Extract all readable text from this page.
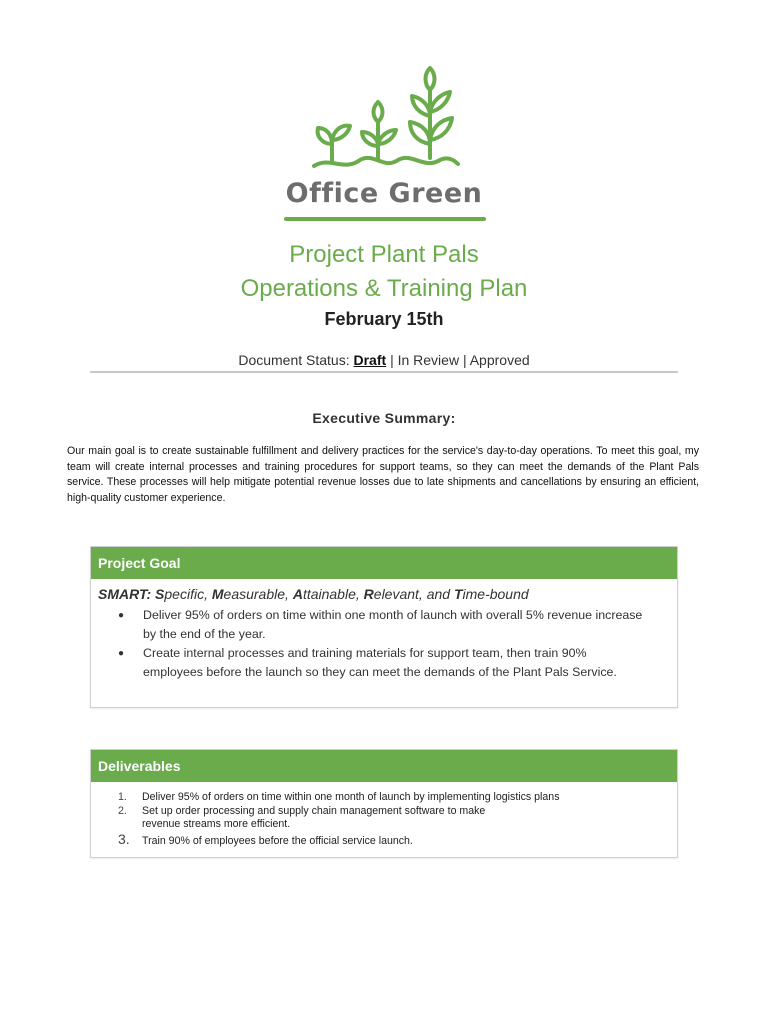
Office Green
Project Plant Pals
Operations & Training Plan
February 15th
Document Status: Draft | In Review | Approved
Executive Summary:
Our main goal is to create sustainable fulfillment and delivery practices for the service's day-to-day operations. To meet this goal, my team will create internal processes and training procedures for support teams, so they can meet the demands of the Plant Pals service. These processes will help mitigate potential revenue losses due to late shipments and cancellations by ensuring an efficient, high-quality customer experience.
Project Goal
SMART: Specific, Measurable, Attainable, Relevant, and Time-bound
● Deliver 95% of orders on time within one month of launch with overall 5% revenue increase by the end of the year.
● Create internal processes and training materials for support team, then train 90% employees before the launch so they can meet the demands of the Plant Pals Service.
Deliverables
1. Deliver 95% of orders on time within one month of launch by implementing logistics plans
2. Set up order processing and supply chain management software to make revenue streams more efficient.
3. Train 90% of employees before the official service launch.
